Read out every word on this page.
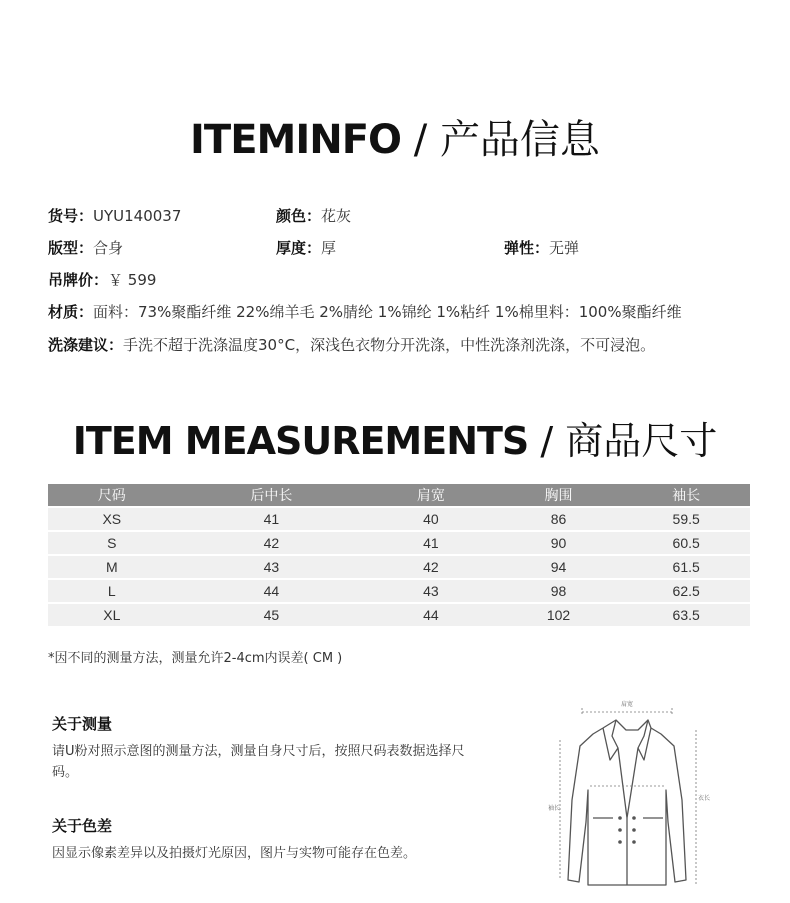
ITEMINFO / 产品信息
货号：UYU140037	颜色：花灰
版型：合身	厚度：厚	弹性：无弹
吊牌价：￥ 599
材质：面料：73%聚酯纤维 22%绵羊毛 2%腈纶 1%锦纶 1%粘纤 1%棉里料：100%聚酯纤维
洗涤建议：手洗不超于洗涤温度30°C，深浅色衣物分开洗涤，中性洗涤剂洗涤，不可浸泡。
ITEM MEASUREMENTS / 商品尺寸
尺码	后中长	肩宽	胸围	袖长
XS	41	40	86	59.5
S	42	41	90	60.5
M	43	42	94	61.5
L	44	43	98	62.5
XL	45	44	102	63.5
*因不同的测量方法，测量允许2-4cm内误差( CM )
关于测量
请U粉对照示意图的测量方法，测量自身尺寸后，按照尺码表数据选择尺码。
关于色差
因显示像素差异以及拍摄灯光原因，图片与实物可能存在色差。
肩宽
袖长
衣长
